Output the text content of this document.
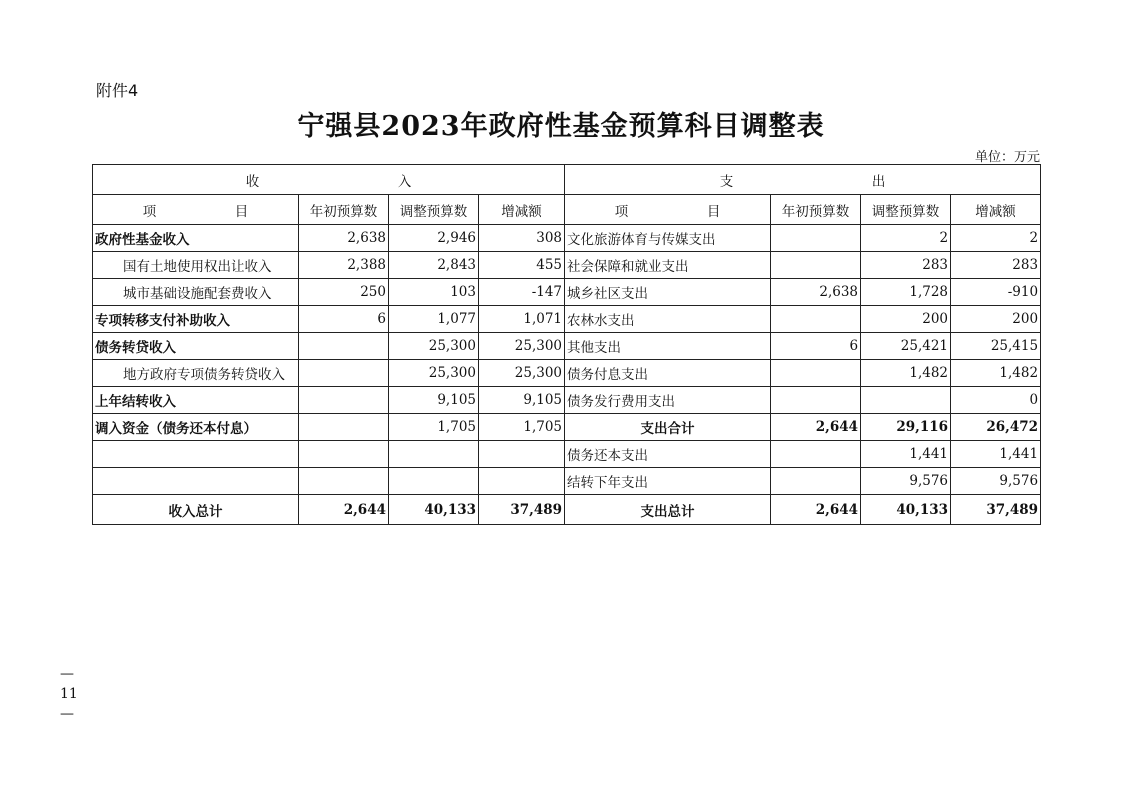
附件4
宁强县2023年政府性基金预算科目调整表
单位：万元
收 入				支 出			
项 目	年初预算数	调整预算数	增减额	项 目	年初预算数	调整预算数	增减额
政府性基金收入	2,638	2,946	308	文化旅游体育与传媒支出		2	2
国有土地使用权出让收入	2,388	2,843	455	社会保障和就业支出		283	283
城市基础设施配套费收入	250	103	-147	城乡社区支出	2,638	1,728	-910
专项转移支付补助收入	6	1,077	1,071	农林水支出		200	200
债务转贷收入		25,300	25,300	其他支出	6	25,421	25,415
地方政府专项债务转贷收入		25,300	25,300	债务付息支出		1,482	1,482
上年结转收入		9,105	9,105	债务发行费用支出			0
调入资金（债务还本付息）		1,705	1,705	支出合计	2,644	29,116	26,472
				债务还本支出		1,441	1,441
				结转下年支出		9,576	9,576
收入总计	2,644	40,133	37,489	支出总计	2,644	40,133	37,489
— 11 —
